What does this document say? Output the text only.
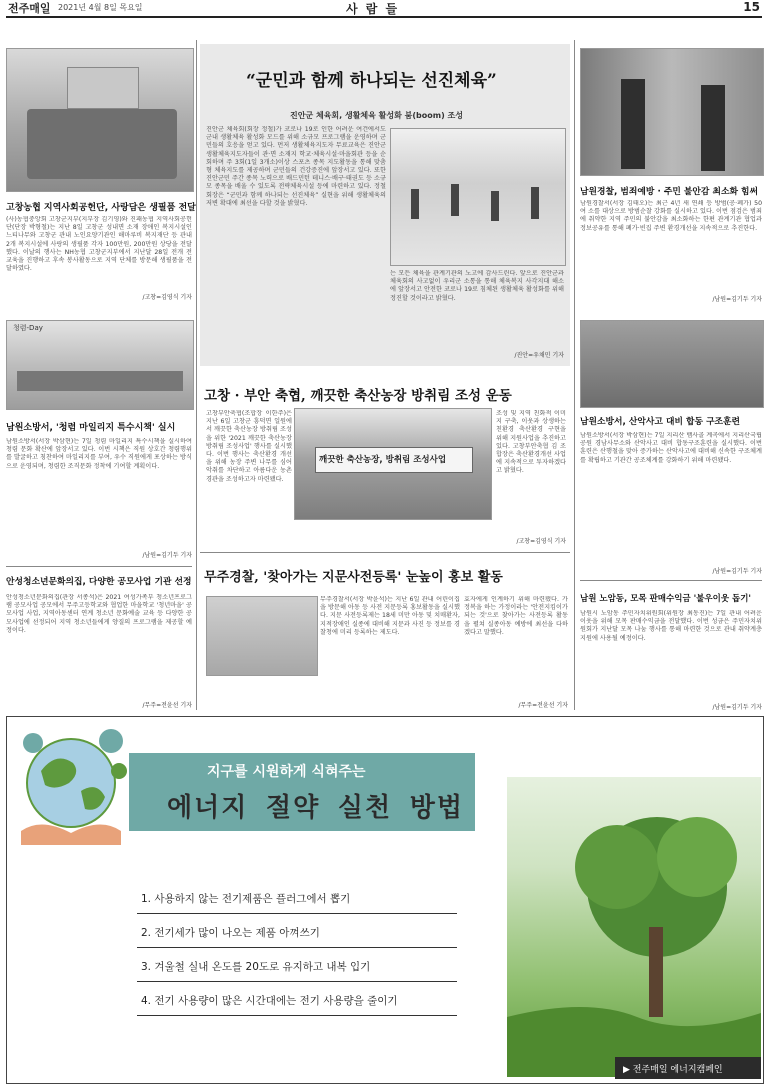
전주매일 2021년 4월 8일 목요일	사 람 들	15
고창농협 지역사회공헌단, 사랑담은 생필품 전달
(사)농협중앙회 고창군지부(지부장 김기영)와 진패농협 지역사회공헌단(단장 박형철)는 지난 8일 고창군 성내면 소재 장애인 복지시설인 느티나무와 고창군 관내 노인요양기관인 해마루비 복지재단 등 관내 2개 복지시설에 사랑의 생필품 각자 100만원, 200만원 상당을 전달했다. 이날의 행사는 NH농협 고창군지부에서 지난달 28일 전개 전 교육을 진행하고 후속 봉사활동으로 지역 단체를 방문해 생필품을 전달하였다.
/고창=김영식 기자
청렴-Day
남원소방서, '청렴 마일리지 특수시책' 실시
남원소방서(서장 박삼현)는 7일 청렴 마일리지 특수시책을 실시하여 청렴 문화 확산에 앞장서고 있다. 이번 시책은 직원 상호간 청렴행위를 발굴하고 칭찬하여 마일리지를 부여, 우수 직원에게 포상하는 방식으로 운영되며, 청렴한 조직문화 정착에 기여할 계획이다.
/남원=김기두 기자
안성청소년문화의집, 다양한 공모사업 기관 선정
안성청소년문화의집(관장 서종석)은 2021 여성가족부 청소년프로그램 공모사업 공모에서 무주고등학교와 협업한 마을학교 '청년마을' 공모사업 사업, 지역아동센터 연계 청소년 문화예술 교육 등 다양한 공모사업에 선정되어 지역 청소년들에게 양질의 프로그램을 제공할 예정이다.
/무주=전윤선 기자
“군민과 함께 하나되는 선진체육”
진안군 체육회, 생활체육 활성화 붐(boom) 조성
진안군 체육회(회장 정철)가 코로나 19로 인한 어려운 여건에서도 군내 생활체육 활성화 모드를 위해 소규모 프로그램을 운영하며 군민들의 호응을 얻고 있다. 먼저 생활체육지도자 무료교육은 진안군 생활체육지도자들이 관·면 소재지 학교·체육시설·마을회관 등을 순회하며 주 3회(1일 3개소)이상 스포츠 종목 지도활동을 통해 맞춤형 체육지도를 제공하며 군민들의 건강증진에 앞장서고 있다. 또한 진안군민 주간 종목 노력으로 배드민턴 테니스·배구·태권도 등 소규모 종목을 배울 수 있도록 전략체육시설 등에 마련하고 있다. 정철 회장은 “군민과 함께 하나되는 선진체육” 실현을 위해 생활체육의 저변 확대에 최선을 다할 것을 밝혔다.
는 모든 체육을 관계기관의 노고에 감사드린다. 앞으로 진안군과 체육회의 사고없이 우리군 소통을 통해 체육복지 사각지대 해소에 앞장서고 안전한 코로나 19로 침체된 생활체육 활성화를 위해 정진할 것이라고 밝혔다.
/진안=우채민 기자
고창 · 부안 축협, 깨끗한 축산농장 방취림 조성 운동
고창부안축협(조합장 이한주)은 지난 6일 고창군 흥덕면 일원에서 깨끗한 축산농장 방취림 조성을 위한 '2021 깨끗한 축산농장 방취림 조성사업' 행사를 실시했다. 이번 행사는 축산환경 개선을 위해 농장 주변 나무를 심어 악취를 차단하고 아름다운 농촌 경관을 조성하고자 마련됐다.
깨끗한 축산농장, 방취림 조성사업
조성 및 지역 친화적 이미지 구축, 이웃과 상생하는 친환경 축산환경 구현을 위해 지원사업을 추진하고 있다. 고창부안축협 김 조합장은 축산환경개선 사업에 지속적으로 투자하겠다고 밝혔다.
/고창=김영식 기자
무주경찰, '찾아가는 지문사전등록' 눈높이 홍보 활동
무주경찰서(서장 박윤석)는 지난 6일 관내 어린이집을 방문해 아동 등 사전 지문등록 홍보활동을 실시했다. 지문 사전등록제는 18세 미만 아동 및 치매환자, 지적장애인 실종에 대비해 지문과 사진 등 정보를 경찰청에 미리 등록하는 제도다.
효자에게 인계하기 위해 마련됐다. 가정복을 하는 가정이라는 '안전지킴이가 되는 것'으로 찾아가는 사전등록 활동을 펼쳐 실종아동 예방에 최선을 다하겠다고 말했다.
/무주=전윤선 기자
남원경찰, 범죄예방 · 주민 불안감 최소화 힘써
남원경찰서(서장 김태오)는 최근 4년 새 연쇄 등 방범(공·폐가) 50여 소를 대상으로 방범순찰 강화를 실시하고 있다. 이번 점검은 범죄에 취약한 지역 주민의 불안감을 최소화하는 한편 관계기관 협업과 정보공유를 통해 폐가·빈집 주변 환경개선을 지속적으로 추진한다.
/남원=김기두 기자
남원소방서, 산악사고 대비 합동 구조훈련
남원소방서(서장 박삼현)는 7일 지리산 뱀사골 계곡에서 지리산국립공원 경남사무소와 산악사고 대비 합동구조훈련을 실시했다. 이번 훈련은 산행철을 맞아 증가하는 산악사고에 대비해 신속한 구조체계를 확립하고 기관간 공조체계를 강화하기 위해 마련됐다.
/남원=김기두 기자
남원 노암동, 모목 판매수익금 '불우이웃 돕기'
남원시 노암동 주민자치위원회(위원장 최동진)는 7일 관내 어려운 이웃을 위해 모목 판매수익금을 전달했다. 이번 성금은 주민자치위원회가 지난달 모목 나눔 행사를 통해 마련한 것으로 관내 취약계층 지원에 사용될 예정이다.
/남원=김기두 기자
지구를 시원하게 식혀주는
에너지 절약 실천 방법
1. 사용하지 않는 전기제품은 플러그에서 뽑기
2. 전기세가 많이 나오는 제품 아껴쓰기
3. 겨울철 실내 온도를 20도로 유지하고 내복 입기
4. 전기 사용량이 많은 시간대에는 전기 사용량을 줄이기
▶ 전주매일 에너지캠페인
